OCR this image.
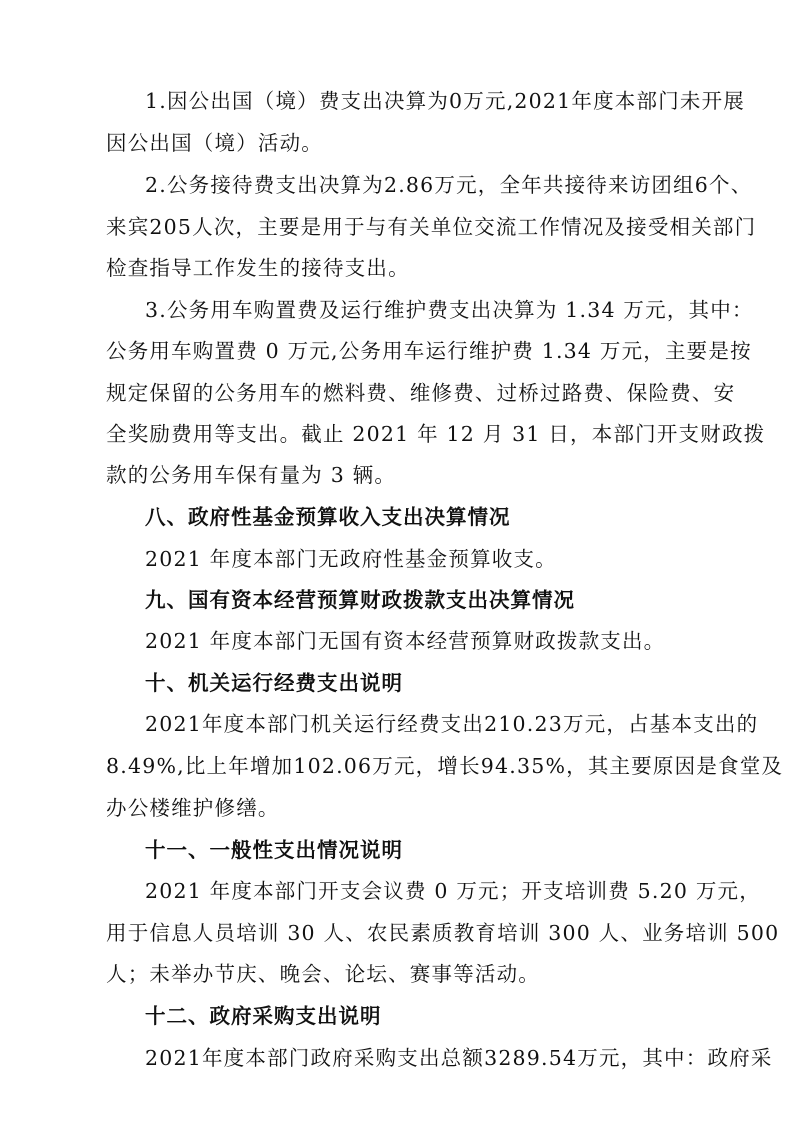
1.因公出国（境）费支出决算为0万元,2021年度本部门未开展
因公出国（境）活动。
2.公务接待费支出决算为2.86万元，全年共接待来访团组6个、
来宾205人次，主要是用于与有关单位交流工作情况及接受相关部门
检查指导工作发生的接待支出。
3.公务用车购置费及运行维护费支出决算为 1.34 万元，其中：
公务用车购置费 0 万元,公务用车运行维护费 1.34 万元，主要是按
规定保留的公务用车的燃料费、维修费、过桥过路费、保险费、安
全奖励费用等支出。截止 2021 年 12 月 31 日，本部门开支财政拨
款的公务用车保有量为 3 辆。
八、政府性基金预算收入支出决算情况
2021 年度本部门无政府性基金预算收支。
九、国有资本经营预算财政拨款支出决算情况
2021 年度本部门无国有资本经营预算财政拨款支出。
十、机关运行经费支出说明
2021年度本部门机关运行经费支出210.23万元，占基本支出的
8.49%,比上年增加102.06万元，增长94.35%，其主要原因是食堂及
办公楼维护修缮。
十一、一般性支出情况说明
2021 年度本部门开支会议费 0 万元；开支培训费 5.20 万元，
用于信息人员培训 30 人、农民素质教育培训 300 人、业务培训 500
人；未举办节庆、晚会、论坛、赛事等活动。
十二、政府采购支出说明
2021年度本部门政府采购支出总额3289.54万元，其中：政府采
